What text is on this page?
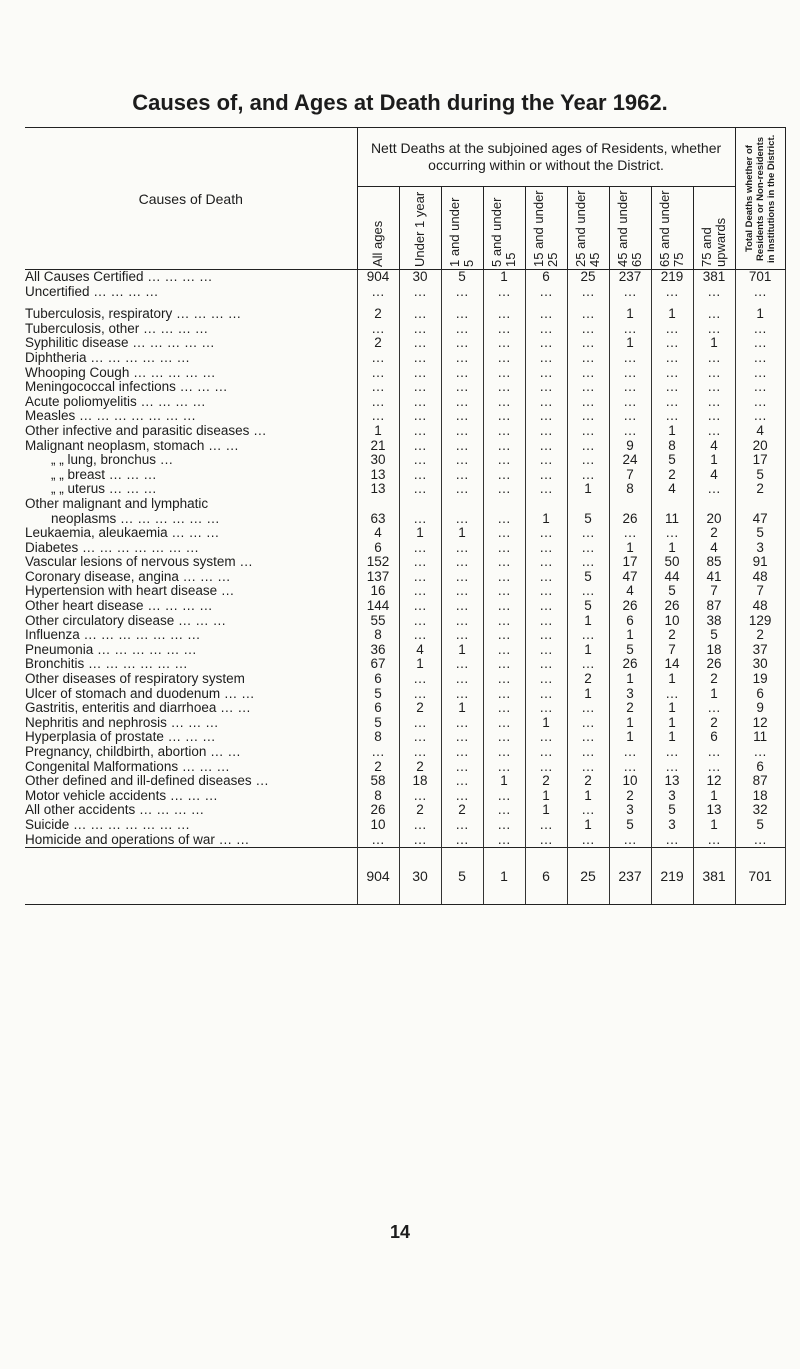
Causes of, and Ages at Death during the Year 1962.
Causes of Death	Nett Deaths at the subjoined ages of Residents, whether occurring within or without the District.									Total Deaths whether of Residents or Non-residents in Institutions in the District.

	All ages	Under 1 year	1 and under 5	5 and under 15	15 and under 25	25 and under 45	45 and under 65	65 and under 75	75 and upwards	

All Causes Certified … … … …	904	30	5	1	6	25	237	219	381	701
Uncertified … … … …	…	…	…	…	…	…	…	…	…	…

Tuberculosis, respiratory … … … …	2	…	…	…	…	…	1	1	…	1
Tuberculosis, other … … … …	…	…	…	…	…	…	…	…	…	…
Syphilitic disease … … … … …	2	…	…	…	…	…	1	…	1	…
Diphtheria … … … … … …	…	…	…	…	…	…	…	…	…	…
Whooping Cough … … … … …	…	…	…	…	…	…	…	…	…	…
Meningococcal infections … … …	…	…	…	…	…	…	…	…	…	…
Acute poliomyelitis … … … …	…	…	…	…	…	…	…	…	…	…
Measles … … … … … … …	…	…	…	…	…	…	…	…	…	…
Other infective and parasitic diseases …	1	…	…	…	…	…	…	1	…	4
Malignant neoplasm, stomach … …	21	…	…	…	…	…	9	8	4	20
„ „ lung, bronchus …	30	…	…	…	…	…	24	5	1	17
„ „ breast … … …	13	…	…	…	…	…	7	2	4	5
„ „ uterus … … …	13	…	…	…	…	1	8	4	…	2
Other malignant and lymphatic										
neoplasms … … … … … …	63	…	…	…	1	5	26	11	20	47
Leukaemia, aleukaemia … … …	4	1	1	…	…	…	…	…	2	5
Diabetes … … … … … … …	6	…	…	…	…	…	1	1	4	3
Vascular lesions of nervous system …	152	…	…	…	…	…	17	50	85	91
Coronary disease, angina … … …	137	…	…	…	…	5	47	44	41	48
Hypertension with heart disease …	16	…	…	…	…	…	4	5	7	7
Other heart disease … … … …	144	…	…	…	…	5	26	26	87	48
Other circulatory disease … … …	55	…	…	…	…	1	6	10	38	129
Influenza … … … … … … …	8	…	…	…	…	…	1	2	5	2
Pneumonia … … … … … …	36	4	1	…	…	1	5	7	18	37
Bronchitis … … … … … …	67	1	…	…	…	…	26	14	26	30
Other diseases of respiratory system	6	…	…	…	…	2	1	1	2	19
Ulcer of stomach and duodenum … …	5	…	…	…	…	1	3	…	1	6
Gastritis, enteritis and diarrhoea … …	6	2	1	…	…	…	2	1	…	9
Nephritis and nephrosis … … …	5	…	…	…	1	…	1	1	2	12
Hyperplasia of prostate … … …	8	…	…	…	…	…	1	1	6	11
Pregnancy, childbirth, abortion … …	…	…	…	…	…	…	…	…	…	…
Congenital Malformations … … …	2	2	…	…	…	…	…	…	…	6
Other defined and ill-defined diseases …	58	18	…	1	2	2	10	13	12	87
Motor vehicle accidents … … …	8	…	…	…	1	1	2	3	1	18
All other accidents … … … …	26	2	2	…	1	…	3	5	13	32
Suicide … … … … … … …	10	…	…	…	…	1	5	3	1	5
Homicide and operations of war … …	…	…	…	…	…	…	…	…	…	…
	904	30	5	1	6	25	237	219	381	701
14
